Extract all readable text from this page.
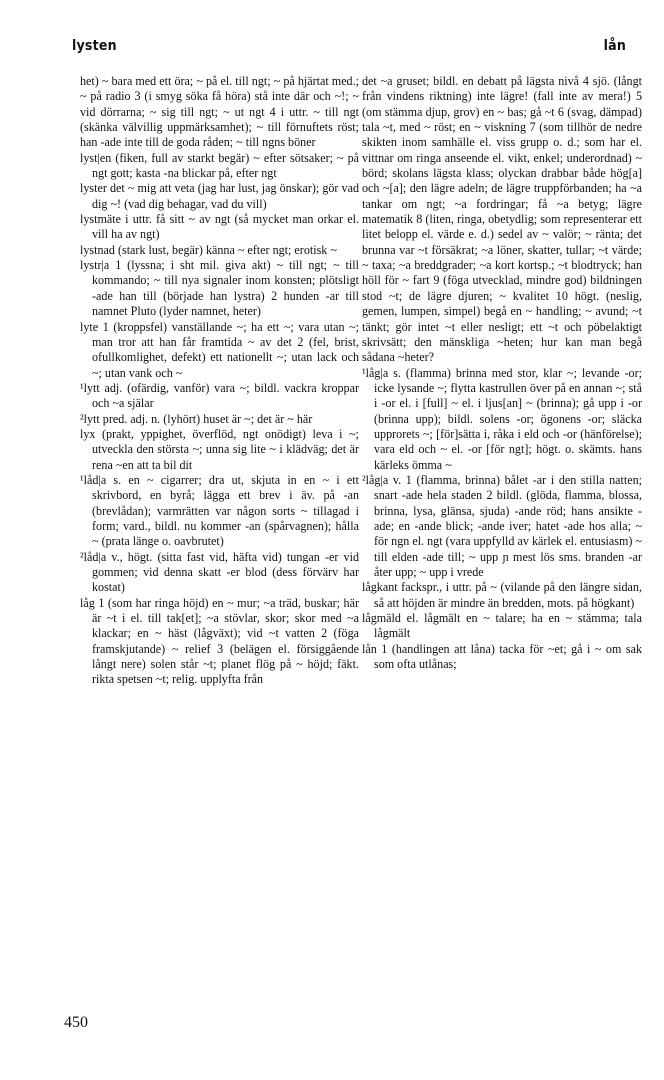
lysten	lån

het) ~ bara med ett öra; ~ på el. till ngt; ~ på hjärtat med.; ~ på radio 3 (i smyg söka få höra) stå inte där och ~!; ~ vid dörrarna; ~ sig till ngt; ~ ut ngt 4 i uttr. ~ till ngt (skänka välvillig uppmärksamhet); ~ till förnuftets röst; han -ade inte till de goda råden; ~ till ngns böner

lyst|en (fiken, full av starkt begär) ~ efter sötsaker; ~ på ngt gott; kasta -na blickar på, efter ngt

lyster det ~ mig att veta (jag har lust, jag önskar); gör vad dig ~! (vad dig behagar, vad du vill)

lystmäte i uttr. få sitt ~ av ngt (så mycket man orkar el. vill ha av ngt)

lystnad (stark lust, begär) känna ~ efter ngt; erotisk ~

lystr|a 1 (lyssna; i sht mil. giva akt) ~ till ngt; ~ till kommando; ~ till nya signaler inom konsten; plötsligt -ade han till (började han lystra) 2 hunden -ar till namnet Pluto (lyder namnet, heter)

lyte 1 (kroppsfel) vanställande ~; ha ett ~; vara utan ~; man tror att han får framtida ~ av det 2 (fel, brist, ofullkomlighet, defekt) ett nationellt ~; utan lack och ~; utan vank och ~

¹lytt adj. (ofärdig, vanför) vara ~; bildl. vackra kroppar och ~a själar

²lytt pred. adj. n. (lyhört) huset är ~; det är ~ här

lyx (prakt, yppighet, överflöd, ngt onödigt) leva i ~; utveckla den största ~; unna sig lite ~ i klädväg; det är rena ~en att ta bil dit

¹låd|a s. en ~ cigarrer; dra ut, skjuta in en ~ i ett skrivbord, en byrå; lägga ett brev i äv. på -an (brevlådan); varmrätten var någon sorts ~ tillagad i form; vard., bildl. nu kommer -an (spårvagnen); hålla ~ (prata länge o. oavbrutet)

²låd|a v., högt. (sitta fast vid, häfta vid) tungan -er vid gommen; vid denna skatt -er blod (dess förvärv har kostat)

låg 1 (som har ringa höjd) en ~ mur; ~a träd, buskar; här är ~t i el. till tak[et]; ~a stövlar, skor; skor med ~a klackar; en ~ häst (lågväxt); vid ~t vatten 2 (föga framskjutande) ~ relief 3 (belägen el. försiggående långt nere) solen står ~t; planet flög på ~ höjd; fäkt. rikta spetsen ~t; relig. upplyfta från

det ~a gruset; bildl. en debatt på lägsta nivå 4 sjö. (långt från vindens riktning) inte lägre! (fall inte av mera!) 5 (om stämma djup, grov) en ~ bas; gå ~t 6 (svag, dämpad) tala ~t, med ~ röst; en ~ viskning 7 (som tillhör de nedre skikten inom samhälle el. viss grupp o. d.; som har el. vittnar om ringa anseende el. vikt, enkel; underordnad) ~ börd; skolans lägsta klass; olyckan drabbar både hög[a] och ~[a]; den lägre adeln; de lägre truppförbanden; ha ~a tankar om ngt; ~a fordringar; få ~a betyg; lägre matematik 8 (liten, ringa, obetydlig; som representerar ett litet belopp el. värde e. d.) sedel av ~ valör; ~ ränta; det brunna var ~t försäkrat; ~a löner, skatter, tullar; ~t värde; ~ taxa; ~a breddgrader; ~a kort kortsp.; ~t blodtryck; han höll för ~ fart 9 (föga utvecklad, mindre god) bildningen stod ~t; de lägre djuren; ~ kvalitet 10 högt. (neslig, gemen, lumpen, simpel) begå en ~ handling; ~ avund; ~t tänkt; gör intet ~t eller nesligt; ett ~t och pöbelaktigt skrivsätt; den mänskliga ~heten; hur kan man begå sådana ~heter?

¹låg|a s. (flamma) brinna med stor, klar ~; levande -or; icke lysande ~; flytta kastrullen över på en annan ~; stå i -or el. i [full] ~ el. i ljus[an] ~ (brinna); gå upp i -or (brinna upp); bildl. solens -or; ögonens -or; släcka upprorets ~; [för]sätta i, råka i eld och -or (hänförelse); vara eld och ~ el. -or [för ngt]; högt. o. skämts. hans kärleks ömma ~

²låg|a v. 1 (flamma, brinna) bålet -ar i den stilla natten; snart -ade hela staden 2 bildl. (glöda, flamma, blossa, brinna, lysa, glänsa, sjuda) -ande röd; hans ansikte -ade; en -ande blick; -ande iver; hatet -ade hos alla; ~ för ngn el. ngt (vara uppfylld av kärlek el. entusiasm) ~ till elden -ade till; ~ upp ɲ mest lös sms. branden -ar åter upp; ~ upp i vrede

lågkant fackspr., i uttr. på ~ (vilande på den längre sidan, så att höjden är mindre än bredden, mots. på högkant)

lågmäld el. lågmält en ~ talare; ha en ~ stämma; tala lågmält

lån 1 (handlingen att låna) tacka för ~et; gå i ~ om sak som ofta utlånas;

450
